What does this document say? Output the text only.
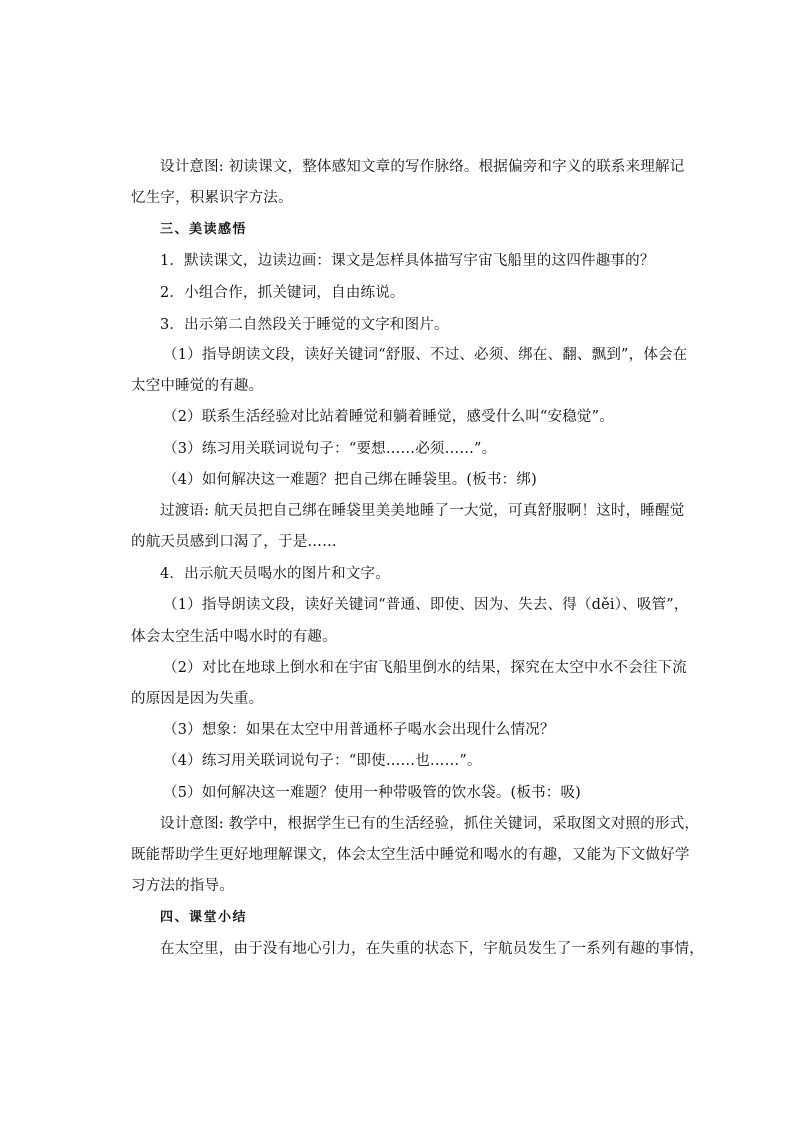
设计意图: 初读课文，整体感知文章的写作脉络。根据偏旁和字义的联系来理解记
忆生字，积累识字方法。
三、美读感悟
1．默读课文，边读边画：课文是怎样具体描写宇宙飞船里的这四件趣事的？
2．小组合作，抓关键词，自由练说。
3．出示第二自然段关于睡觉的文字和图片。
（1）指导朗读文段，读好关键词“舒服、不过、必须、绑在、翻、飘到”，体会在
太空中睡觉的有趣。
（2）联系生活经验对比站着睡觉和躺着睡觉，感受什么叫“安稳觉”。
（3）练习用关联词说句子：“要想……必须……”。
（4）如何解决这一难题？把自己绑在睡袋里。(板书：绑)
过渡语: 航天员把自己绑在睡袋里美美地睡了一大觉，可真舒服啊！这时，睡醒觉
的航天员感到口渴了，于是……
4．出示航天员喝水的图片和文字。
（1）指导朗读文段，读好关键词“普通、即使、因为、失去、得（děi）、吸管”，
体会太空生活中喝水时的有趣。
（2）对比在地球上倒水和在宇宙飞船里倒水的结果，探究在太空中水不会往下流
的原因是因为失重。
（3）想象：如果在太空中用普通杯子喝水会出现什么情况？
（4）练习用关联词说句子：“即使……也……”。
（5）如何解决这一难题？使用一种带吸管的饮水袋。(板书：吸)
设计意图: 教学中，根据学生已有的生活经验，抓住关键词，采取图文对照的形式，
既能帮助学生更好地理解课文，体会太空生活中睡觉和喝水的有趣，又能为下文做好学
习方法的指导。
四、课堂小结
在太空里，由于没有地心引力，在失重的状态下，宇航员发生了一系列有趣的事情，
